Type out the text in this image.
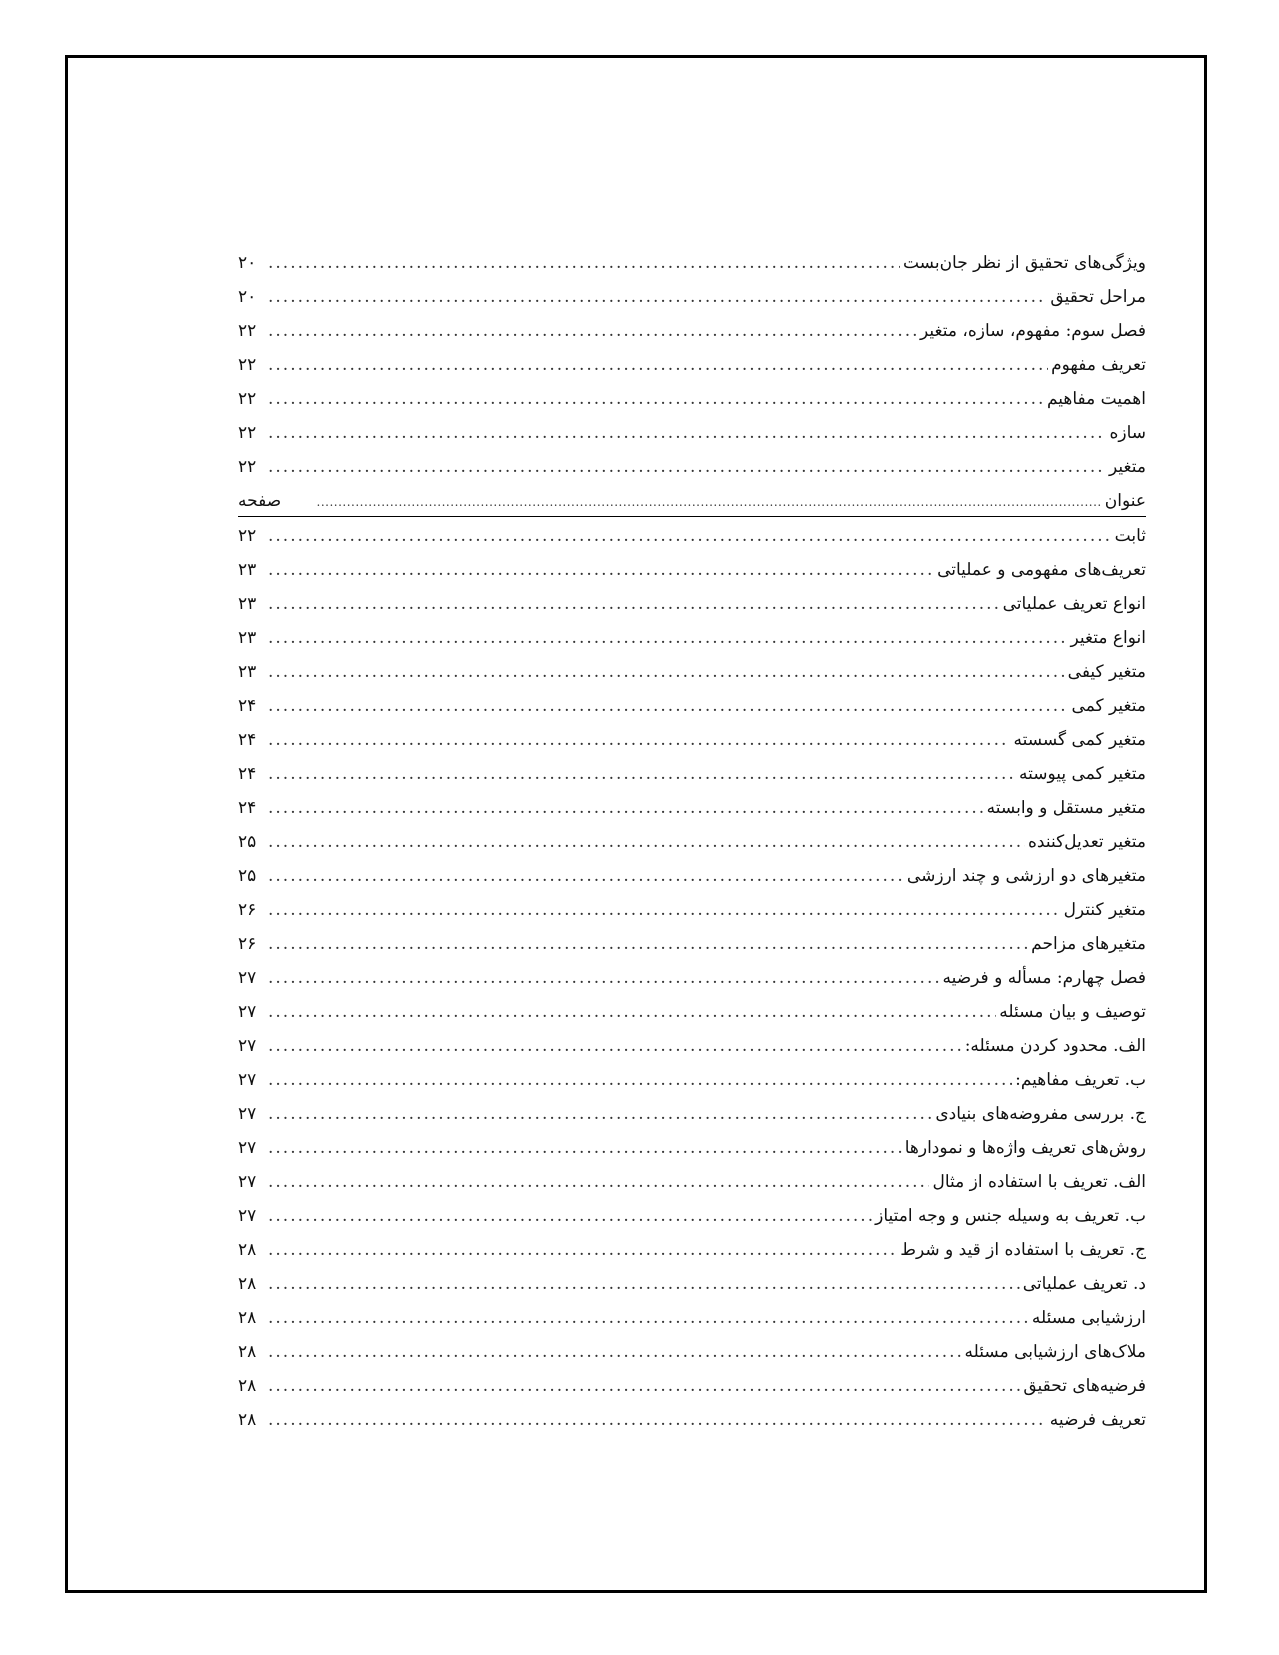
ویژگی‌های تحقیق از نظر جان‌بست
.....
۲۰
مراحل تحقیق
.....
۲۰
فصل سوم: مفهوم، سازه، متغیر
.....
۲۲
تعریف مفهوم
.....
۲۲
اهمیت مفاهیم
.....
۲۲
سازه
.....
۲۲
متغیر
.....
۲۲
عنوان
.....
صفحه
ثابت
.....
۲۲
تعریف‌های مفهومی و عملیاتی
.....
۲۳
انواع تعریف عملیاتی
.....
۲۳
انواع متغیر
.....
۲۳
متغیر کیفی
.....
۲۳
متغیر کمی
.....
۲۴
متغیر کمی گسسته
.....
۲۴
متغیر کمی پیوسته
.....
۲۴
متغیر مستقل و وابسته
.....
۲۴
متغیر تعدیل‌کننده
.....
۲۵
متغیرهای دو ارزشی و چند ارزشی
.....
۲۵
متغیر کنترل
.....
۲۶
متغیرهای مزاحم
.....
۲۶
فصل چهارم: مسأله و فرضیه
.....
۲۷
توصیف و بیان مسئله
.....
۲۷
الف. محدود کردن مسئله:
.....
۲۷
ب. تعریف مفاهیم:
.....
۲۷
ج. بررسی مفروضه‌های بنیادی
.....
۲۷
روش‌های تعریف واژه‌ها و نمودارها
.....
۲۷
الف. تعریف با استفاده از مثال
.....
۲۷
ب. تعریف به وسیله جنس و وجه امتیاز
.....
۲۷
ج. تعریف با استفاده از قید و شرط
.....
۲۸
د. تعریف عملیاتی
.....
۲۸
ارزشیابی مسئله
.....
۲۸
ملاک‌های ارزشیابی مسئله
.....
۲۸
فرضیه‌های تحقیق
.....
۲۸
تعریف فرضیه
.....
۲۸
